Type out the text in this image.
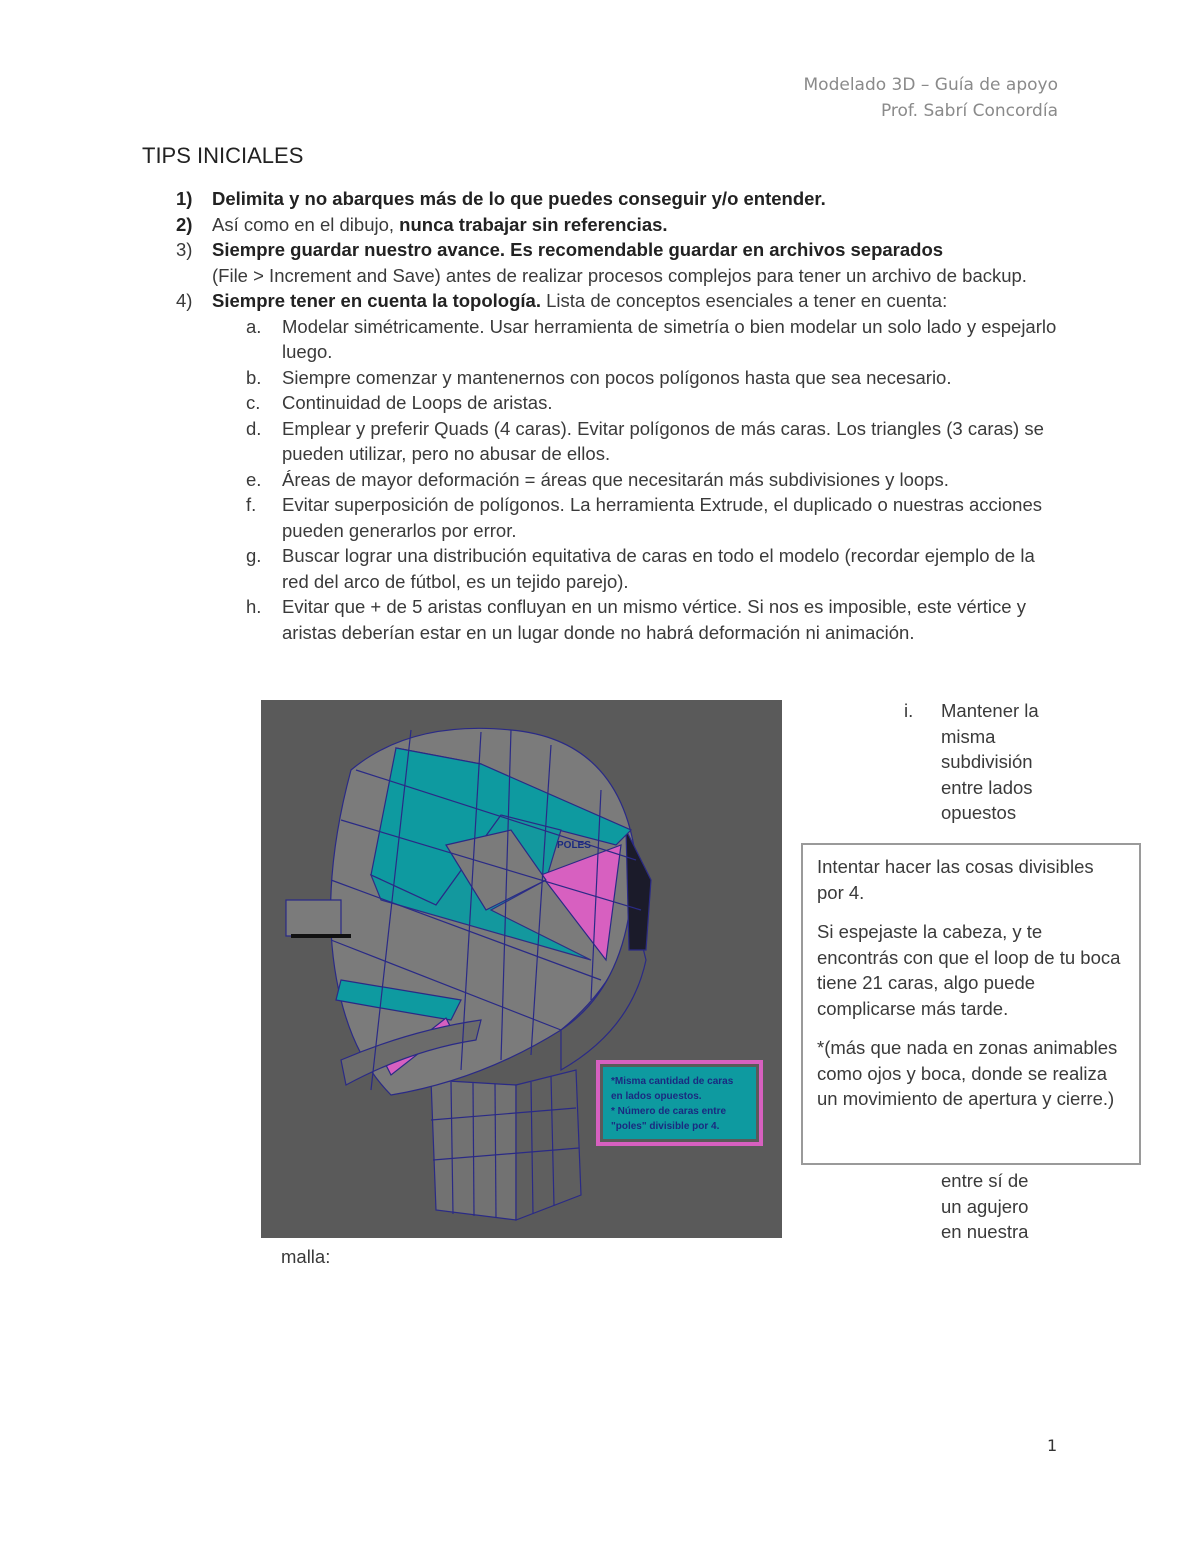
Modelado 3D – Guía de apoyo
Prof. Sabrí Concordía
TIPS INICIALES
1) Delimita y no abarques más de lo que puedes conseguir y/o entender.
2) Así como en el dibujo, nunca trabajar sin referencias.
3) Siempre guardar nuestro avance. Es recomendable guardar en archivos separados
(File > Increment and Save) antes de realizar procesos complejos para tener un archivo de backup.
4) Siempre tener en cuenta la topología. Lista de conceptos esenciales a tener en cuenta:
a. Modelar simétricamente. Usar herramienta de simetría o bien modelar un solo lado y espejarlo luego.
b. Siempre comenzar y mantenernos con pocos polígonos hasta que sea necesario.
c. Continuidad de Loops de aristas.
d. Emplear y preferir Quads (4 caras). Evitar polígonos de más caras. Los triangles (3 caras) se pueden utilizar, pero no abusar de ellos.
e. Áreas de mayor deformación = áreas que necesitarán más subdivisiones y loops.
f. Evitar superposición de polígonos. La herramienta Extrude, el duplicado o nuestras acciones pueden generarlos por error.
g. Buscar lograr una distribución equitativa de caras en todo el modelo (recordar ejemplo de la red del arco de fútbol, es un tejido parejo).
h. Evitar que + de 5 aristas confluyan en un mismo vértice. Si nos es imposible, este vértice y aristas deberían estar en un lugar donde no habrá deformación ni animación.
POLES
*Misma cantidad de caras en lados opuestos. * Número de caras entre "poles" divisible por 4.
i. Mantener la
misma
subdivisión
entre lados
opuestos

Intentar hacer las cosas divisibles por 4.

Si espejaste la cabeza, y te encontrás con que el loop de tu boca tiene 21 caras, algo puede complicarse más tarde.

*(más que nada en zonas animables como ojos y boca, donde se realiza un movimiento de apertura y cierre.)

entre sí de
un agujero
en nuestra
malla:
1
